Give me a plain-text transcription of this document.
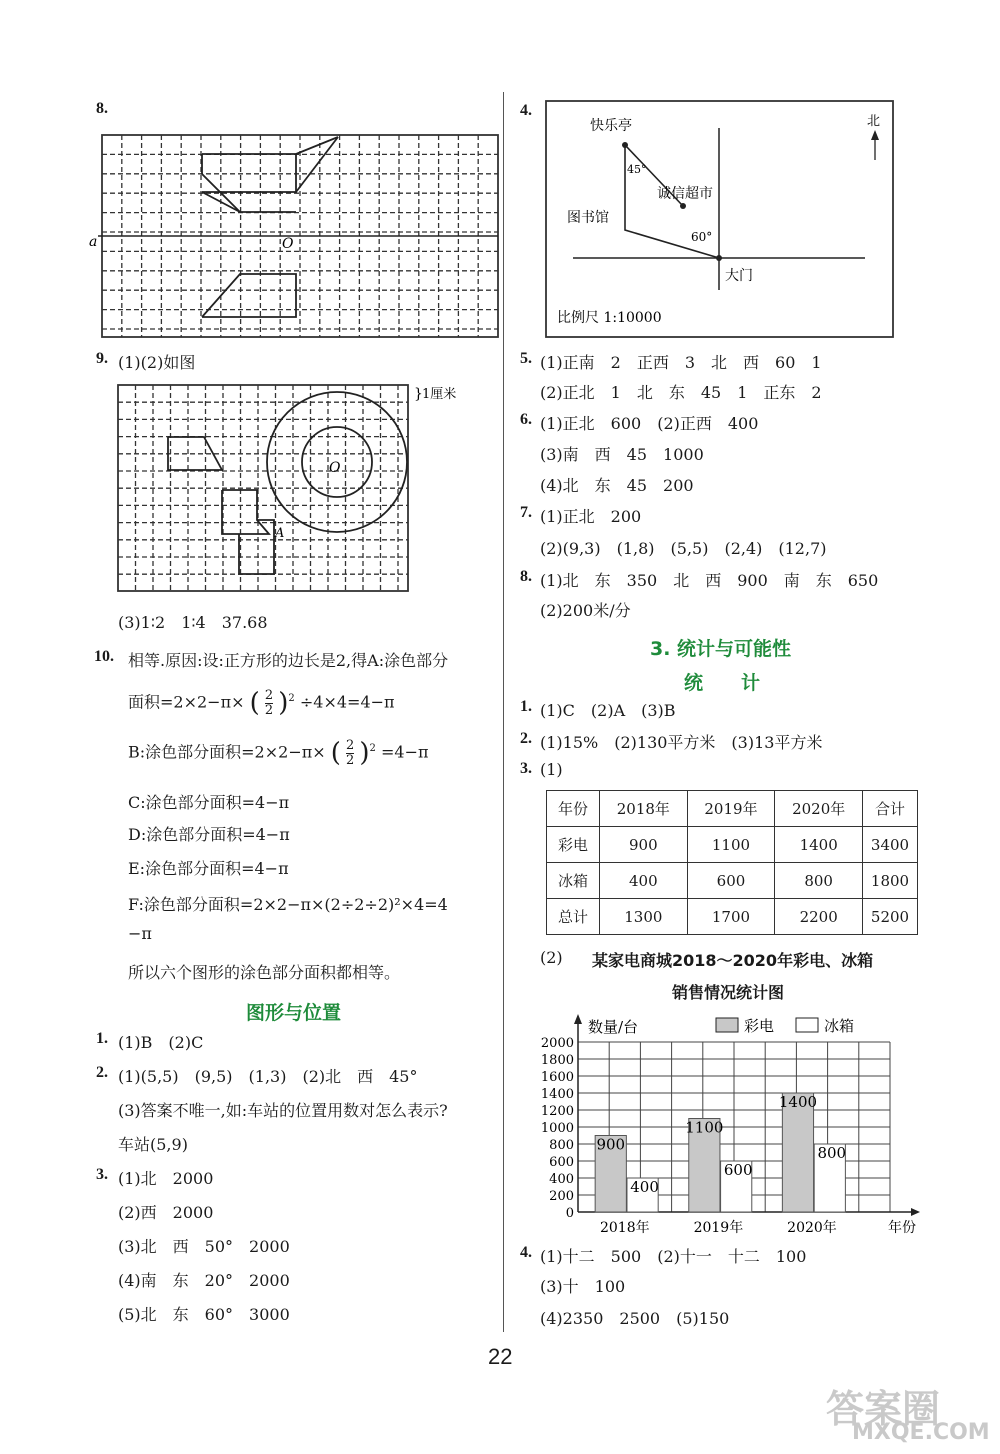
8.
a	O
9. (1)(2)如图
O
A
} 1厘米
(3)1∶2　1∶4　37.68
10. 相等.原因:设:正方形的边长是2,得A:涂色部分
面积=2×2−π× ( $\frac{2}{2} )^2 \div 4\times 4=4-\pi$
B:涂色部分面积=2×2−π× ( $\frac{2}{2} )^2 =4-\pi$
C:涂色部分面积=4−π
D:涂色部分面积=4−π
E:涂色部分面积=4−π
F:涂色部分面积=2×2−π×(2÷2÷2)²×4=4
−π
所以六个图形的涂色部分面积都相等。
图形与位置
1. (1)B　(2)C
2. (1)(5,5)　(9,5)　(1,3)　(2)北　西　45°
(3)答案不唯一,如:车站的位置用数对怎么表示?
车站(5,9)
3. (1)北　2000
(2)西　2000
(3)北　西　50°　2000
(4)南　东　20°　2000
(5)北　东　60°　3000
4.
北
快乐亭
45°
诚信超市
图书馆
60°
大门
比例尺 1:10000
5. (1)正南　2　正西　3　北　西　60　1
(2)正北　1　北　东　45　1　正东　2
6. (1)正北　600　(2)正西　400
(3)南　西　45　1000
(4)北　东　45　200
7. (1)正北　200
(2)(9,3)　(1,8)　(5,5)　(2,4)　(12,7)
8. (1)北　东　350　北　西　900　南　东　650
(2)200米/分
3. 统计与可能性
统　　计
1. (1)C　(2)A　(3)B
2. (1)15%　(2)130平方米　(3)13平方米
3. (1)
年份	2018年	2019年	2020年	合计
彩电	900	1100	1400	3400
冰箱	400	600	800	1800
总计	1300	1700	2200	5200
(2) 某家电商城2018～2020年彩电、冰箱
销售情况统计图
0
200
400
600
800
1000
1200
1400
1600
1800
2000
数量/台
年份
彩电	冰箱
900
400
2018年
1100
600
2019年
1400
800
2020年
4. (1)十二　500　(2)十一　十二　100
(3)十　100
(4)2350　2500　(5)150
22
答案圈
MXQE.COM
